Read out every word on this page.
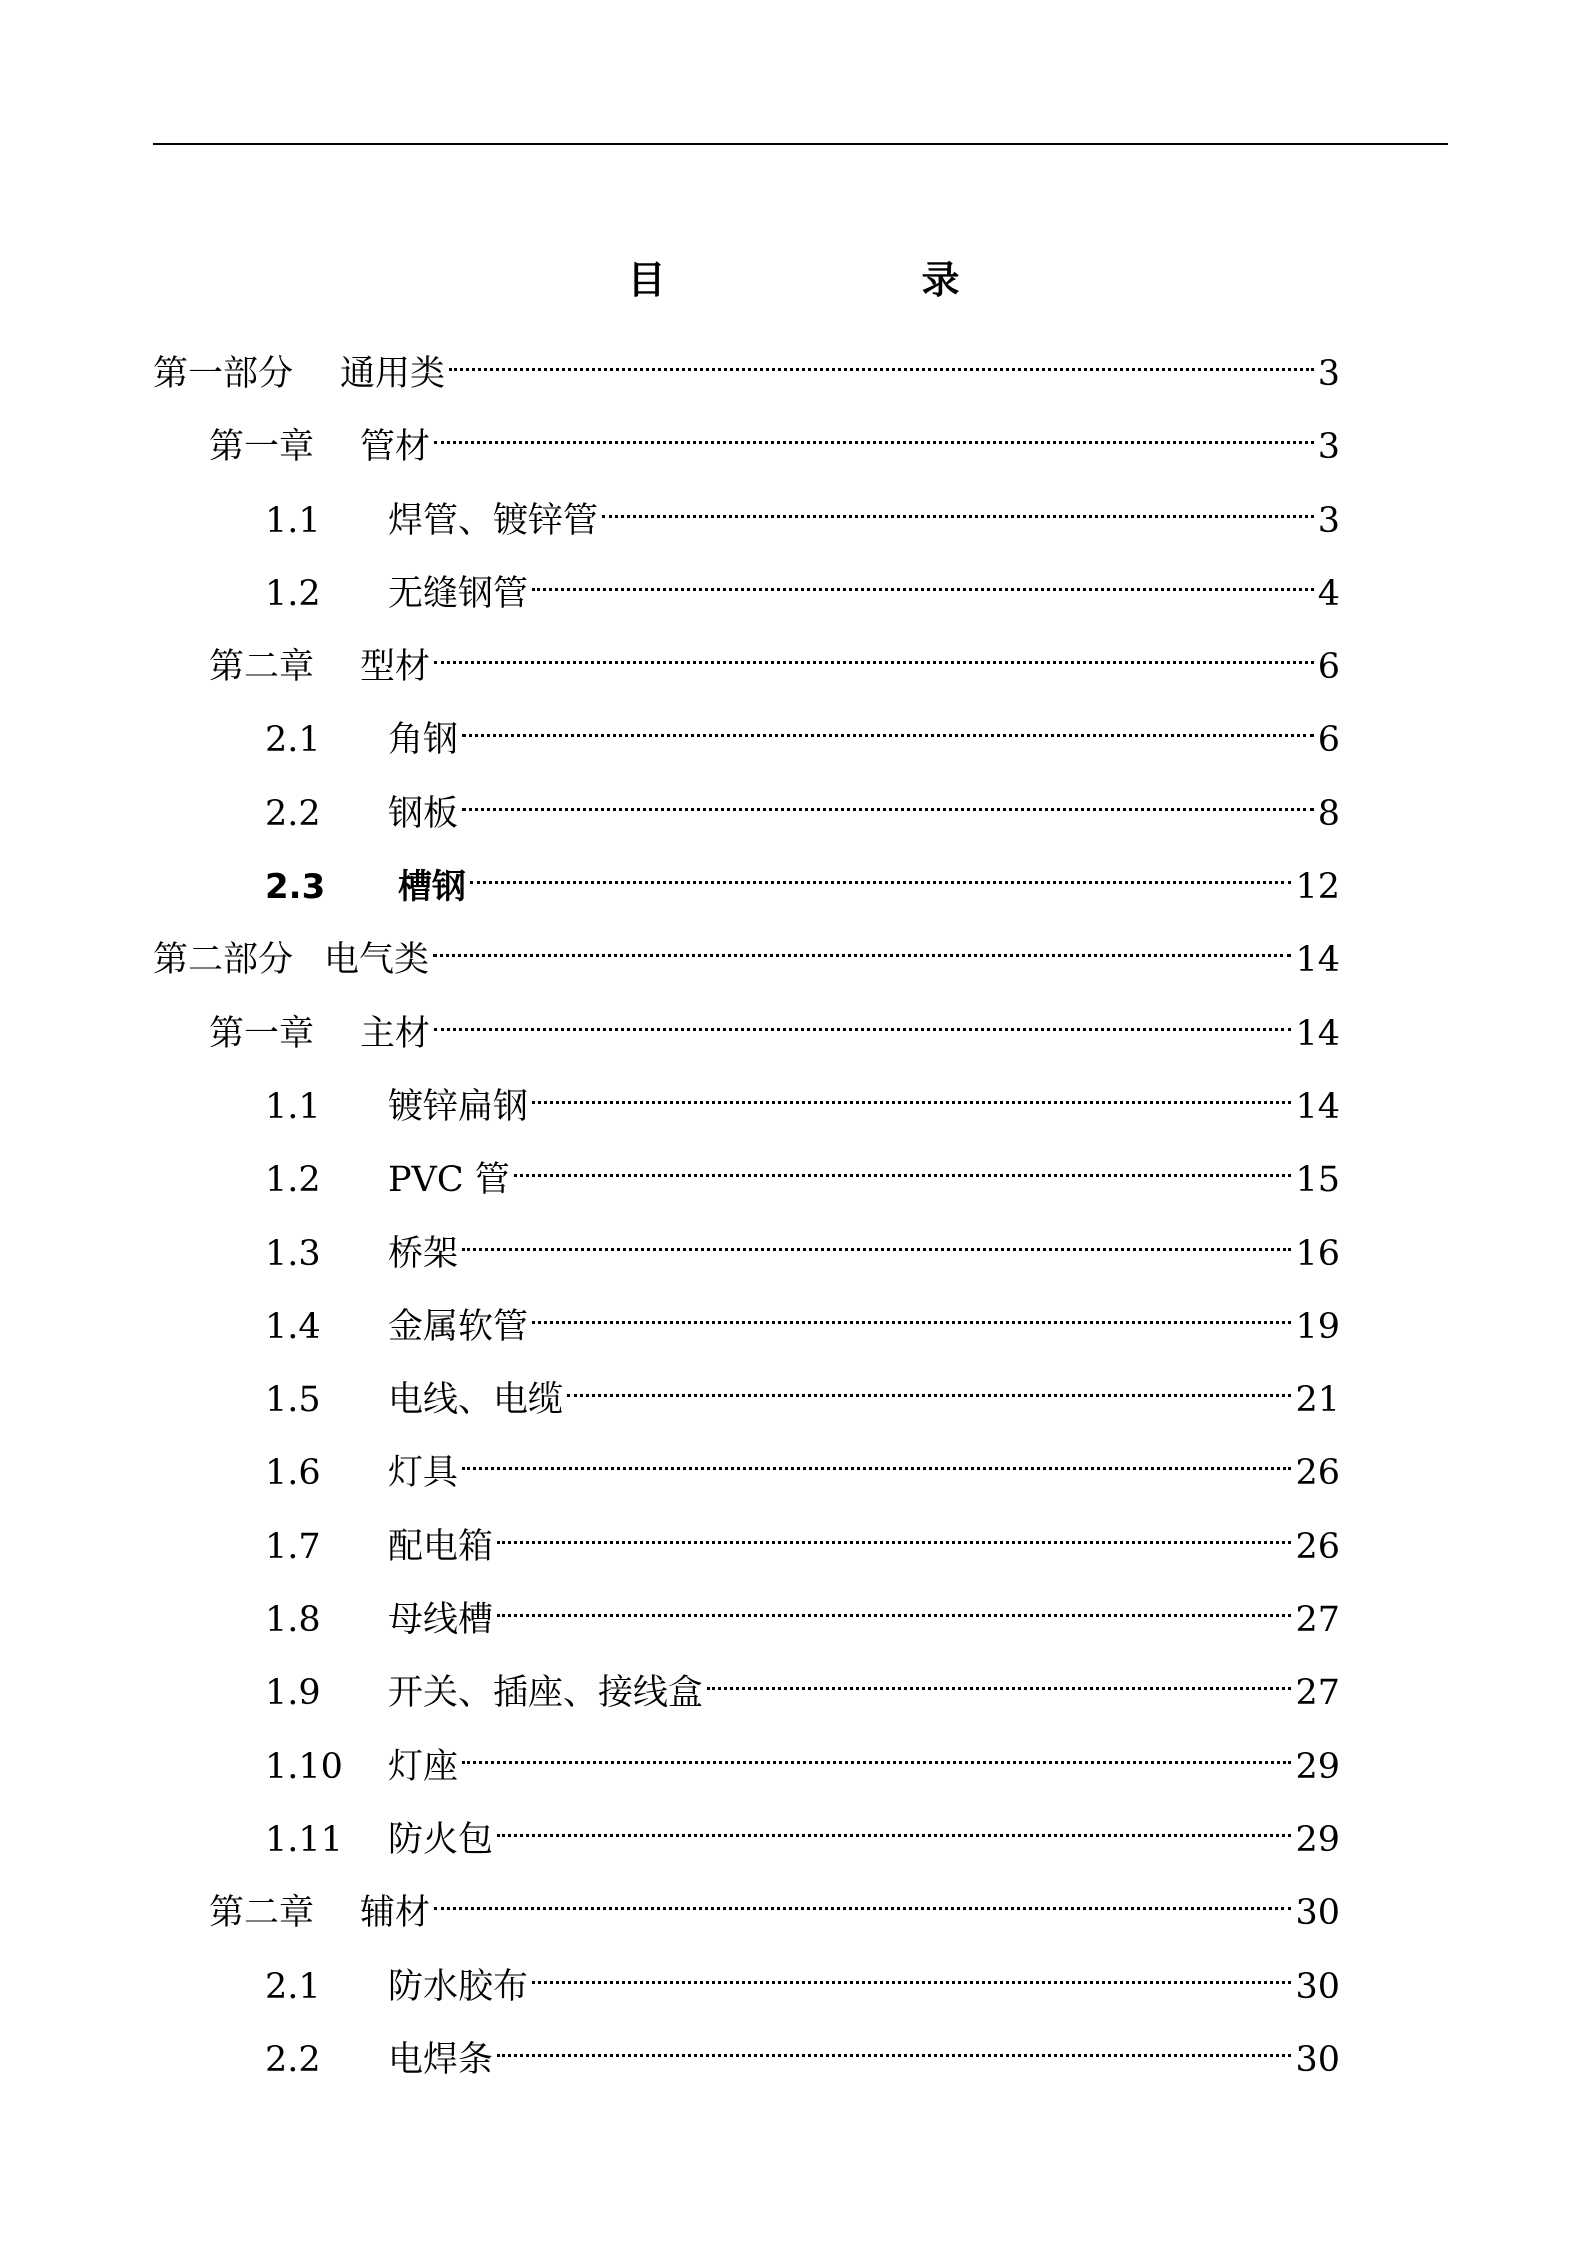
目　　录
第一部分	通用类	3
第一章	管材	3
1.1	焊管、镀锌管	3
1.2	无缝钢管	4
第二章	型材	6
2.1	角钢	6
2.2	钢板	8
2.3	槽钢	12
第二部分 电气类	14
第一章	主材	14
1.1	镀锌扁钢	14
1.2	PVC 管	15
1.3	桥架	16
1.4	金属软管	19
1.5	电线、电缆	21
1.6	灯具	26
1.7	配电箱	26
1.8	母线槽	27
1.9	开关、插座、接线盒	27
1.10	灯座	29
1.11	防火包	29
第二章	辅材	30
2.1	防水胶布	30
2.2	电焊条	30
